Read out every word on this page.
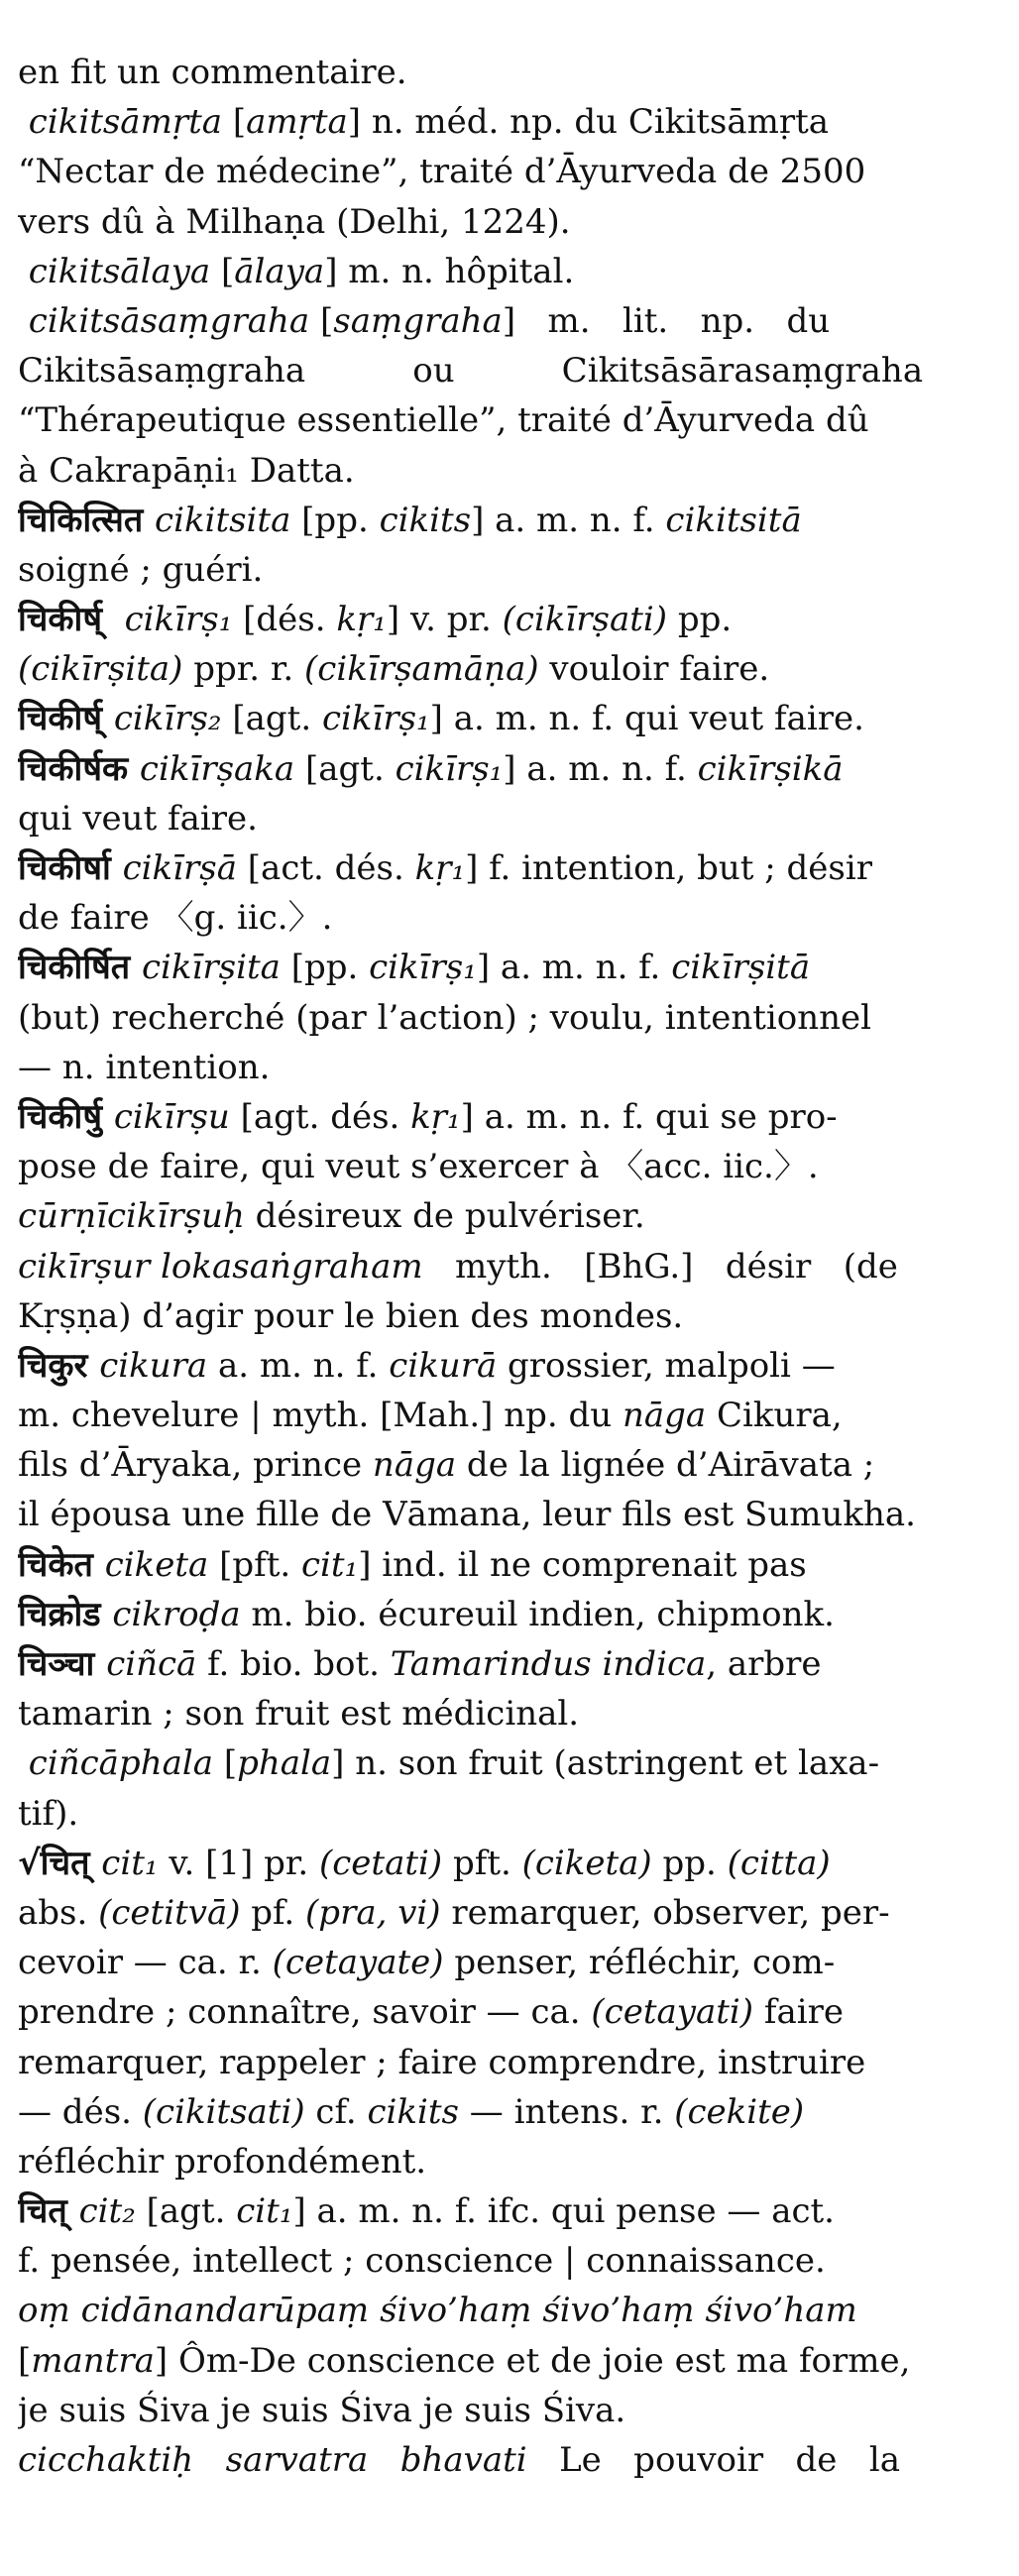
en fit un commentaire.
cikitsāmṛta [amṛta] n. méd. np. du Cikitsāmṛta
“Nectar de médecine”, traité d’Āyurveda de 2500
vers dû à Milhaṇa (Delhi, 1224).
cikitsālaya [ālaya] m. n. hôpital.
cikitsāsaṃgraha [saṃgraha]   m.   lit.   np.   du
Cikitsāsaṃgraha          ou          Cikitsāsārasaṃgraha
“Thérapeutique essentielle”, traité d’Āyurveda dû
à Cakrapāṇi₁ Datta.
चिकित्सित cikitsita [pp. cikits] a. m. n. f. cikitsitā
soigné ; guéri.
चिकीर्ष्  cikīrṣ₁ [dés. kṛ₁] v. pr. (cikīrṣati) pp.
(cikīrṣita) ppr. r. (cikīrṣamāṇa) vouloir faire.
चिकीर्ष् cikīrṣ₂ [agt. cikīrṣ₁] a. m. n. f. qui veut faire.
चिकीर्षक cikīrṣaka [agt. cikīrṣ₁] a. m. n. f. cikīrṣikā
qui veut faire.
चिकीर्षा cikīrṣā [act. dés. kṛ₁] f. intention, but ; désir
de faire 〈g. iic.〉.
चिकीर्षित cikīrṣita [pp. cikīrṣ₁] a. m. n. f. cikīrṣitā
(but) recherché (par l’action) ; voulu, intentionnel
— n. intention.
चिकीर्षु cikīrṣu [agt. dés. kṛ₁] a. m. n. f. qui se pro-
pose de faire, qui veut s’exercer à 〈acc. iic.〉.
cūrṇīcikīrṣuḥ désireux de pulvériser.
cikīrṣur lokasaṅgraham   myth.   [BhG.]   désir   (de
Kṛṣṇa) d’agir pour le bien des mondes.
चिकुर cikura a. m. n. f. cikurā grossier, malpoli —
m. chevelure | myth. [Mah.] np. du nāga Cikura,
fils d’Āryaka, prince nāga de la lignée d’Airāvata ;
il épousa une fille de Vāmana, leur fils est Sumukha.
चिकेत ciketa [pft. cit₁] ind. il ne comprenait pas
चिक्रोड cikroḍa m. bio. écureuil indien, chipmonk.
चिञ्चा ciñcā f. bio. bot. Tamarindus indica, arbre
tamarin ; son fruit est médicinal.
ciñcāphala [phala] n. son fruit (astringent et laxa-
tif).
√चित् cit₁ v. [1] pr. (cetati) pft. (ciketa) pp. (citta)
abs. (cetitvā) pf. (pra, vi) remarquer, observer, per-
cevoir — ca. r. (cetayate) penser, réfléchir, com-
prendre ; connaître, savoir — ca. (cetayati) faire
remarquer, rappeler ; faire comprendre, instruire
— dés. (cikitsati) cf. cikits — intens. r. (cekite)
réfléchir profondément.
चित् cit₂ [agt. cit₁] a. m. n. f. ifc. qui pense — act.
f. pensée, intellect ; conscience | connaissance.
oṃ cidānandarūpaṃ śivo’haṃ śivo’haṃ śivo’ham
[mantra] Ôm-De conscience et de joie est ma forme,
je suis Śiva je suis Śiva je suis Śiva.
cicchaktiḥ   sarvatra   bhavati   Le   pouvoir   de   la
